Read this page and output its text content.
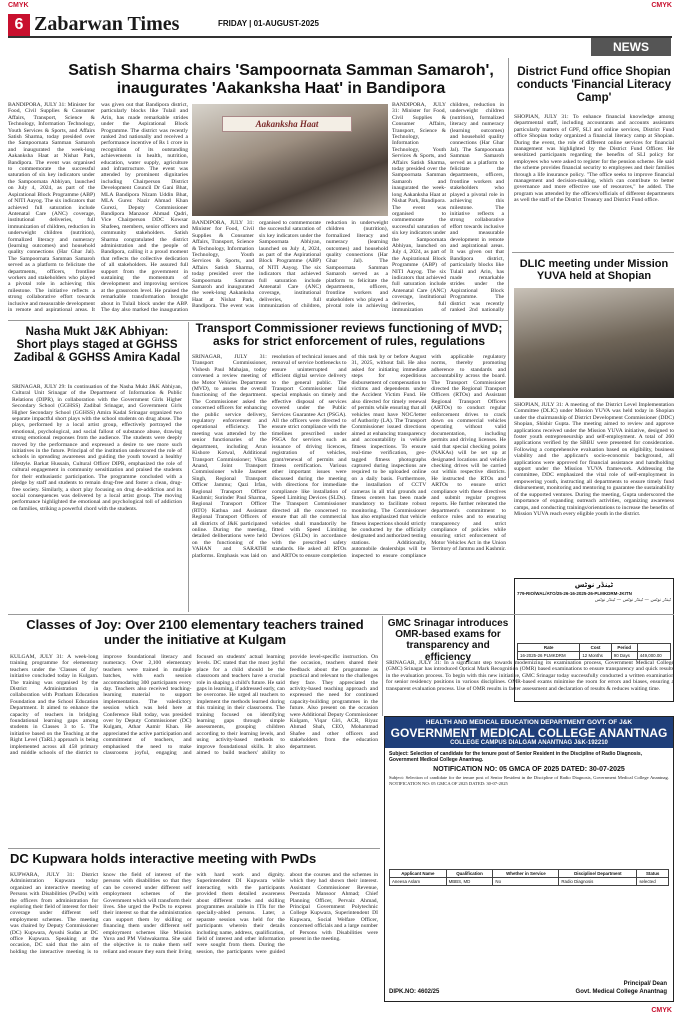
CMYK	CMYK
6 Zabarwan Times	FRIDAY | 01-AUGUST-2025
NEWS
Satish Sharma chairs 'Sampoornata Samman Samaroh', inaugurates 'Aakanksha Haat' in Bandipora
BANDIPORA, JULY 31: Minister for Food, Civil Supplies & Consumer Affairs, Transport, Science & Technology, Information Technology, Youth Services & Sports, and Affairs Satish Sharma, today presided over the Sampoornata Samman Samaroh and inaugurated the week-long Aakanksha Haat at Nishat Park, Bandipora. The event was organised to commemorate the successful saturation of six key indicators under the Sampoornata Abhiyan, launched on July 4, 2024, as part of the Aspirational Block Programme (ABP) of NITI Aayog. The six indicators that achieved full saturation include Antenatal Care (ANC) coverage, institutional deliveries, full immunization of children, reduction in underweight children (nutrition), formalized literacy and numeracy (learning outcomes) and household quality connections (Har Ghar Jal). The Sampoornata Samman Samaroh served as a platform to felicitate the departments, officers, frontline workers and stakeholders who played a pivotal role in achieving this milestone. The initiative reflects a strong collaborative effort towards inclusive and measurable development in remote and aspirational areas. It was given out that Bandipora district, particularly blocks like Tulail and Arin, has made remarkable strides under the Aspirational Block Programme. The district was recently ranked 2nd nationally and received a performance incentive of Rs 1 crore in recognition of its outstanding achievements in health, nutrition, education, water supply, agriculture and infrastructure. The event was attended by prominent dignitaries including Chairperson District Development Council Dr Gani Bhat, MLA Bandipora Nizam Uddin Bhat, MLA Gurez Nazir Ahmad Khan Gurezi, Deputy Commissioner Bandipora Manzoor Ahmad Qadri, Vice Chairperson DDC Kowsar Shafeeq, members, senior officers and community stakeholders. Satish Sharma congratulated the district administration and the people of Bandipora, calling it a proud moment that reflects the collective dedication of all stakeholders. He assured full support from the government in sustaining the momentum of development and improving services at the grassroots level. He praised the remarkable transformation brought about in Tulail block under the ABP. The day also marked the inauguration
Aakanksha Haat
BANDIPORA, JULY 31: Minister for Food, Civil Supplies & Consumer Affairs, Transport, Science & Technology, Information Technology, Youth Services & Sports, and Affairs Satish Sharma, today presided over the Sampoornata Samman Samaroh and inaugurated the week-long Aakanksha Haat at Nishat Park, Bandipora. The event was organised to commemorate the successful saturation of six key indicators under the Sampoornata Abhiyan, launched on July 4, 2024, as part of the Aspirational Block Programme (ABP) of NITI Aayog. The six indicators that achieved full saturation include Antenatal Care (ANC) coverage, institutional deliveries, full immunization of children, reduction in underweight children (nutrition), formalized literacy and numeracy (learning outcomes) and household quality connections (Har Ghar Jal). The Sampoornata Samman Samaroh served as a platform to felicitate the departments, officers, frontline workers and stakeholders who played a pivotal role in achieving
BANDIPORA, JULY 31: Minister for Food, Civil Supplies & Consumer Affairs, Transport, Science & Technology, Information Technology, Youth Services & Sports, and Affairs Satish Sharma, today presided over the Sampoornata Samman Samaroh and inaugurated the week-long Aakanksha Haat at Nishat Park, Bandipora. The event was organised to commemorate the successful saturation of six key indicators under the Sampoornata Abhiyan, launched on July 4, 2024, as part of the Aspirational Block Programme (ABP) of NITI Aayog. The six indicators that achieved full saturation include Antenatal Care (ANC) coverage, institutional deliveries, full immunization of children, reduction in underweight children (nutrition), formalized literacy and numeracy (learning outcomes) and household quality connections (Har Ghar Jal). The Sampoornata Samman Samaroh served as a platform to felicitate the departments, officers, frontline workers and stakeholders who played a pivotal role in achieving this milestone. The initiative reflects a strong collaborative effort towards inclusive and measurable development in remote and aspirational areas. It was given out that Bandipora district, particularly blocks like Tulail and Arin, has made remarkable strides under the Aspirational Block Programme. The district was recently ranked 2nd nationally
District Fund office Shopian conducts 'Financial Literacy Camp'
SHOPIAN, JULY 31: To enhance financial knowledge among departmental staff, including accountants and accounts assistants particularly matters of GPF, SLI and online services, District Fund office Shopian today organized a financial literacy camp at Shopian. During the event, the role of different online services for financial management was highlighted by the District Fund Officer. He sensitized participants regarding the benefits of SLI policy for employees who were asked to register for the pension scheme. He said the scheme provides financial security to employees and their families through a life insurance policy. "The office seeks to improve financial management and decision-making, which can contribute to better governance and more effective use of resources," he added. The program was attended by the officers/officials of different departments as well the staff of the District Treasury and District Fund office.
DLIC meeting under Mission YUVA held at Shopian
SHOPIAN, JULY 31: A meeting of the District Level Implementation Committee (DLIC) under Mission YUVA was held today in Shopian under the chairmanship of District Development Commissioner (DDC) Shopian, Shishir Gupta. The meeting aimed to review and approve applications received under the Mission YUVA initiative, designed to foster youth entrepreneurship and self-employment. A total of 260 applications verified by the SBBU were presented for consideration. Following a comprehensive evaluation based on eligibility, business viability and the applicant's socio-economic background, all applications were approved for financial assistance and handholding support under the Mission YUVA framework. Addressing the committee, DDC emphasized the vital role of self-employment in empowering youth, instructing all departments to ensure timely fund disbursement, monitoring and mentoring to guarantee the sustainability of the supported ventures. During the meeting, Gupta underscored the importance of expanding outreach activities, organizing awareness camps, and conducting trainings/orientations to increase the benefits of Mission YUVA reach every eligible youth in the district.
Nasha Mukt J&K Abhiyan: Short plays staged at GGHSS Zadibal & GGHSS Amira Kadal
SRINAGAR, JULY 29: In continuation of the Nasha Mukt J&K Abhiyan, Cultural Unit Srinagar of the Department of Information & Public Relations (DIPR), in collaboration with the Government Girls Higher Secondary School (GGHSS) Zadibal Srinagar, and Government Girls Higher Secondary School (GGHSS) Amira Kadal Srinagar organized two separate impactful short plays with the school students on drug abuse. The plays, performed by a local artist group, effectively portrayed the emotional, psychological, and social fallout of substance abuse, drawing strong emotional responses from the audience. The students were deeply moved by the performance and expressed a desire to see more such initiatives in the future. Principal of the institution underscored the role of schools in spreading awareness and guiding the youth toward a healthy lifestyle. Barkat Hussain, Cultural Officer DIPR, emphasized the role of cultural engagement in community sensitization and praised the students for their enthusiastic participation. The programme concluded with a pledge by staff and students to remain drug-free and foster a clean, drug-free society. Similarly, a short play focusing on drug de-addiction and its social consequences was delivered by a local artist group. The moving performance highlighted the emotional and psychological toll of addiction on families, striking a powerful chord with the students.
Transport Commissioner reviews functioning of MVD; asks for strict enforcement of rules, regulations
SRINAGAR, JULY 31: Transport Commissioner, Vishesh Paul Mahajan, today convened a review meeting of the Motor Vehicles Department (MVD), to assess the overall functioning of the department. The Commissioner asked the concerned officers for enhancing the public service delivery, regulatory enforcement and operational efficiency. The meeting was attended by the senior functionaries of the department, including Arun Kishore Kotwal, Additional Transport Commissioner; Vikas Anand, Joint Transport Commissioner while Jasmeet Singh, Regional Transport Officer Jammu; Qazi Irfan, Regional Transport Officer Kashmir; Surinder Paul Sharma, Regional Transport Officer (RTO) Kathua and Assistant Regional Transport Officers of all districts of J&K participated online. During the meeting, detailed deliberations were held on the functioning of the VAHAN and SARATHI platforms. Emphasis was laid on resolution of technical issues and removal of service bottlenecks to ensure uninterrupted and efficient digital service delivery to the general public. The Transport Commissioner laid special emphasis on timely and effective disposal of services covered under the Public Services Guarantee Act (PSGA). All the officers were directed to ensure strict compliance with the timelines prescribed under PSGA for services such as issuance of driving licences, registration of vehicles, grant/renewal of permits and fitness certification. Various other important issues were discussed during the meeting with directions for immediate compliance like installation of Speed Limiting Devices (SLDs). The Transport Commissioner directed all the concerned to ensure that all the commercial vehicles shall mandatorily be fitted with Speed Limiting Devices (SLDs) in accordance with the prescribed safety standards. He asked all RTOs and ARTOs to ensure completion of this task by or before August 31, 2025, without fail. He also asked for initiating immediate steps for expeditious disbursement of compensation to victims and dependents under the Accident Victim Fund. He also directed for timely renewal of permits while ensuring that all vehicles must have NOC/letter of Authority (LA). The Transport Commissioner issued directions aimed at enhancing transparency and accountability in vehicle fitness inspections. To ensure real-time verification, geo-tagged fitness photographs captured during inspections are required to be uploaded online on a daily basis. Furthermore, the installation of CCTV cameras in all trial grounds and fitness centers has been made mandatory to facilitate robust monitoring. The Commissioner has also emphasized that vehicle fitness inspections should strictly be conducted by the officially designated and authorized testing stations. Additionally, automobile dealerships will be inspected to ensure compliance with applicable regulatory norms, thereby promoting adherence to standards and accountability across the board. The Transport Commissioner directed the Regional Transport Officers (RTOs) and Assistant Regional Transport Officers (ARTOs) to conduct regular enforcement drives to crack down on commercial vehicles operating without valid documentation, including permits and driving licenses. He said that special checking points (NAKAs) will be set up at designated locations and vehicle checking drives will be carried out within respective districts. He instructed the RTOs and ARTOs to ensure strict compliance with these directives and submit regular progress reports. He further reiterated the department's commitment to enforce rules and to ensuring transparency and strict compliance of policies while ensuring strict enforcement of Motor Vehicles Act in the Union Territory of Jammu and Kashmir.
ٹینڈر نوٹس
779-RIO/WAL/ATO/25-26-16-2025-26-PLMKDRM-JKITN
ٹینڈر نوٹس — ٹینڈر نوٹس — ٹینڈر نوٹس
Rate	Cost	Period	
16-2025-26 PLMKDRM	12 Months	90 Days	449,000.00
Classes of Joy: Over 2100 elementary teachers trained under the initiative at Kulgam
KULGAM, JULY 31: A week-long training programme for elementary teachers under the 'Classes of Joy' initiative concluded today in Kulgam. The training was organised by the District Administration in collaboration with Pratham Education Foundation and the School Education Department. It aimed to enhance the capacity of teachers in bridging foundational learning gaps among students in Classes 3 to 5. The initiative based on the Teaching at the Right Level (TaRL) approach is being implemented across all 458 primary and middle schools of the district to improve foundational literacy and numeracy. Over 2,100 elementary teachers were trained in multiple batches, with each session accommodating 300 participants every day. Teachers also received teaching-learning material to support implementation. The valedictory session which was held here at Conference Hall today, was presided over by Deputy Commissioner (DC) Kulgam, Athar Aamir Khan. He appreciated the active participation and commitment of teachers, and emphasised the need to make classrooms joyful, engaging and focused on students' actual learning levels. DC stated that the most joyful place for a child should be the classroom and teachers have a crucial role in shaping a child's future. He said gaps in learning, if addressed early, can be overcome. He urged all teachers to implement the methods learned during this training in their classrooms. The training focused on identifying learning gaps through simple assessments, grouping children according to their learning levels, and using activity-based methods to improve foundational skills. It also aimed to build teachers' ability to provide level-specific instruction. On the occasion, teachers shared their feedback about the programme as practical and relevant to the challenges they face. They appreciated the activity-based teaching approach and expressed the need for continued capacity-building programmes in the future. Also present on the occasion were Additional Deputy Commissioner Kulgam, Viqar Giri, ACR, Riyaz Ahmad Shah, CEO, Mohammad Shafee and other officers and stakeholders from the education department.
GMC Srinagar introduces OMR-based exams for transparency and efficiency
SRINAGAR, JULY 31: In a significant step towards modernizing its examination process, Government Medical College (GMC) Srinagar has introduced Optical Mark Recognition (OMR) based examinations to ensure transparency and quick results in the evaluation process. To begin with this new initiative, GMC Srinagar today successfully conducted a written examination for senior residency positions in various disciplines. OMR-based exams minimise the room for errors and biases, ensuring a transparent evaluation process. Use of OMR results in faster assessment and declaration of results & reduces waiting time.
HEALTH AND MEDICAL EDUCATION DEPARTMENT GOVT. OF J&K
GOVERNMENT MEDICAL COLLEGE ANANTNAG
COLLEGE CAMPUS DIALGAM ANANTNAG J&K-192210
Subject: Selection of candidate for the tenure post of Senior Resident in the Discipline of Radio Diagnosis, Government Medical College Anantnag.
NOTIFICATION NO: 05 GMCA OF 2025 DATED: 30-07-2025
Subject: Selection of candidate for the tenure post of Senior Resident in the Discipline of Radio Diagnosis, Government Medical College Anantnag. NOTIFICATION NO: 05 GMCA OF 2025 DATED: 30-07-2025
Applicant Name	Qualification	Whether in Service	Discipline/ Department	Status
Aneesa Aslam	MBBS, MD	No	Radio Diagnosis	selected
DIPK.NO: 4602/25
Principal/ Dean
Govt. Medical College Anantnag
DC Kupwara holds interactive meeting with PwDs
KUPWARA, JULY 31: District Administration Kupwara today organized an interactive meeting of Persons with Disabilities (PwDs) with the officers from administration for exploring their field of interest for their coverage under different self employment schemes. The meeting was chaired by Deputy Commissioner (DC) Kupwara, Ayushi Sudan at DC office Kupwara. Speaking at the occasion, DC said that the aim of holding the interactive meeting is to know the field of interest of the persons with disabilities so that they can be covered under different self employment schemes of the Government which will transform their lives. She urged the PwDs to express their interest so that the administration can support them by skilling or financing them under different self employment schemes like Mission Yuva and PM Vishwakarma. She said the objective is to make them self reliant and ensure they earn their living with hard work and dignity. Superintendent DI Kupwara while interacting with the participants provided them detailed awareness about different trades and skilling programmes available in ITIs for the specially-abled persons. Later, a separate session was held for the participants wherein their details including name, address, qualification, field of interest and other information were sought from them. During the session, the participants were guided about the courses and the schemes in which they had shown their interest. Assistant Commissioner Revenue, Peerzada Mansoor Ahmad; Chief Planning Officer, Pervaiz Ahmad, Principal Government Polytechnic College Kupwara, Superintendent DI Kupwara, Social Welfare Officer, concerned officials and a large number of Persons with Disabilities were present in the meeting.
CMYK
